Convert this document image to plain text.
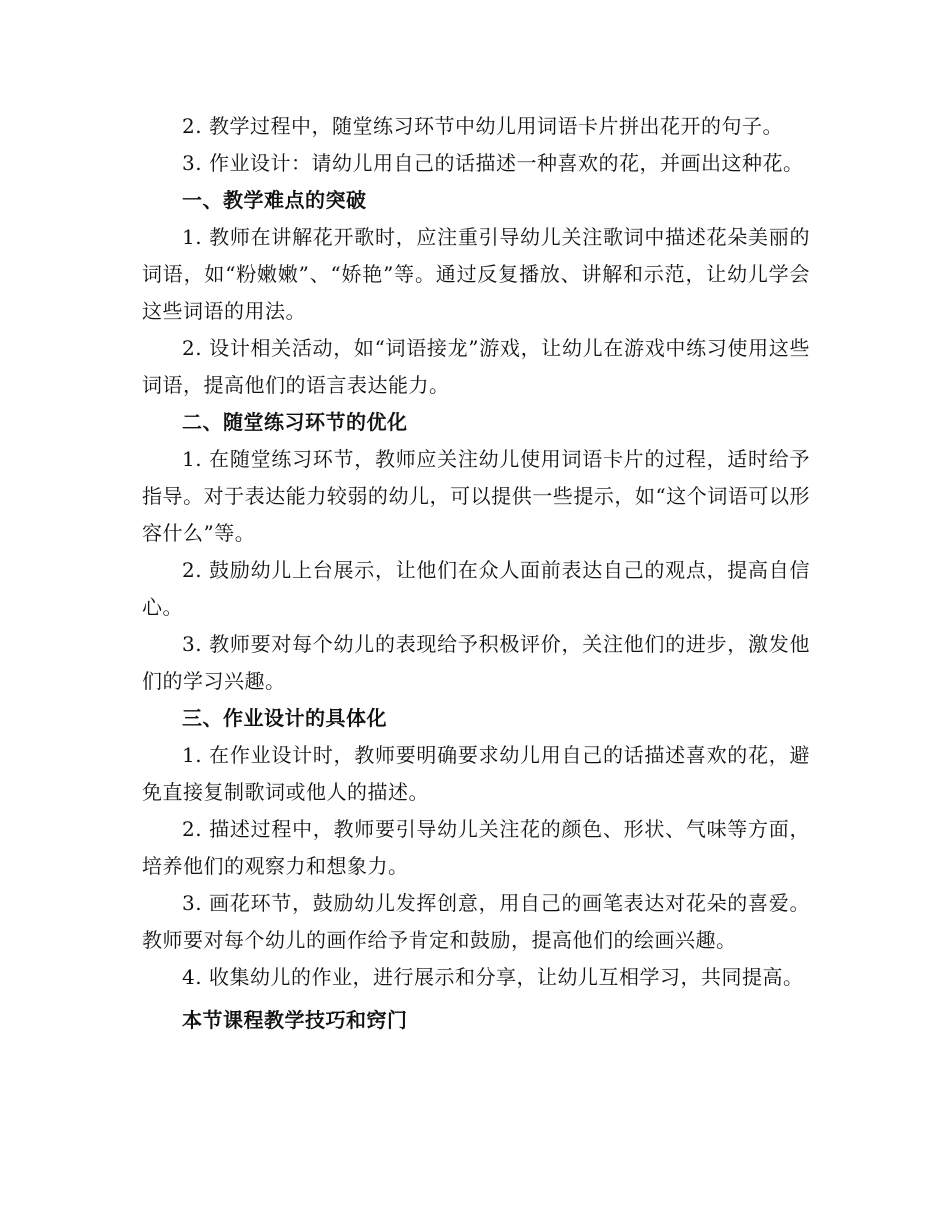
2. 教学过程中，随堂练习环节中幼儿用词语卡片拼出花开的句子。

3. 作业设计：请幼儿用自己的话描述一种喜欢的花，并画出这种花。

一、教学难点的突破

1. 教师在讲解花开歌时，应注重引导幼儿关注歌词中描述花朵美丽的词语，如“粉嫩嫩”、“娇艳”等。通过反复播放、讲解和示范，让幼儿学会这些词语的用法。

2. 设计相关活动，如“词语接龙”游戏，让幼儿在游戏中练习使用这些词语，提高他们的语言表达能力。

二、随堂练习环节的优化

1. 在随堂练习环节，教师应关注幼儿使用词语卡片的过程，适时给予指导。对于表达能力较弱的幼儿，可以提供一些提示，如“这个词语可以形容什么”等。

2. 鼓励幼儿上台展示，让他们在众人面前表达自己的观点，提高自信心。

3. 教师要对每个幼儿的表现给予积极评价，关注他们的进步，激发他们的学习兴趣。

三、作业设计的具体化

1. 在作业设计时，教师要明确要求幼儿用自己的话描述喜欢的花，避免直接复制歌词或他人的描述。

2. 描述过程中，教师要引导幼儿关注花的颜色、形状、气味等方面，培养他们的观察力和想象力。

3. 画花环节，鼓励幼儿发挥创意，用自己的画笔表达对花朵的喜爱。教师要对每个幼儿的画作给予肯定和鼓励，提高他们的绘画兴趣。

4. 收集幼儿的作业，进行展示和分享，让幼儿互相学习，共同提高。

本节课程教学技巧和窍门
